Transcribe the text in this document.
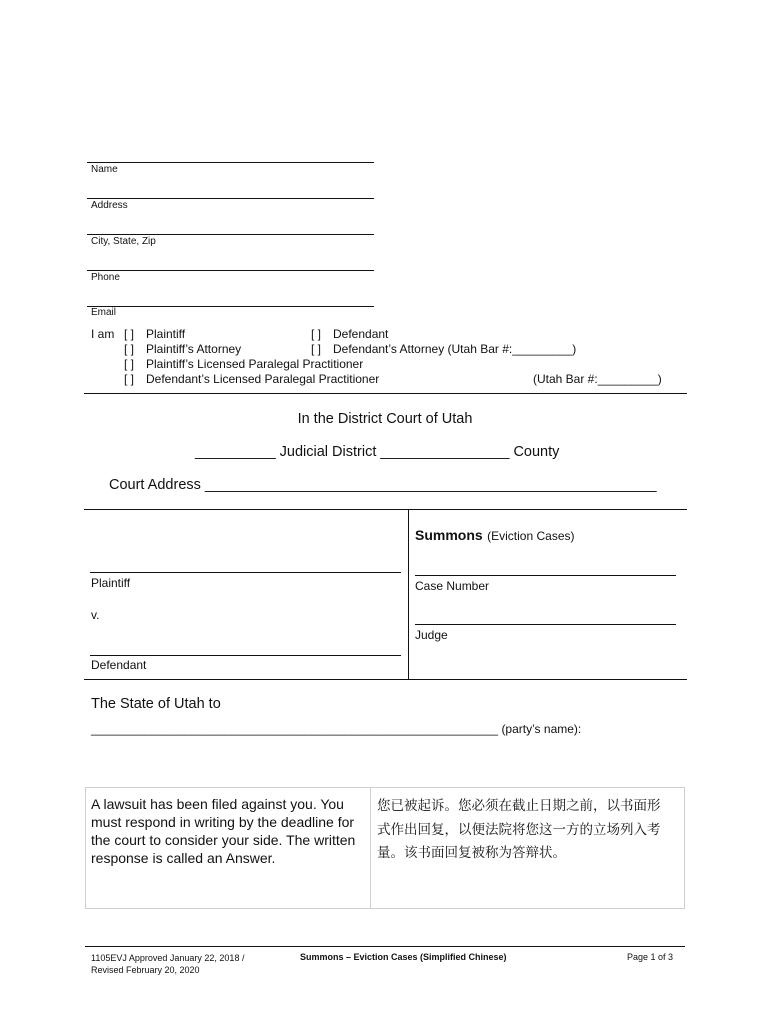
Name
Address
City, State, Zip
Phone
Email
I am [ ] Plaintiff	[ ] Defendant
[ ] Plaintiff’s Attorney	[ ] Defendant’s Attorney (Utah Bar #:_________)
[ ] Plaintiff’s Licensed Paralegal Practitioner
[ ] Defendant’s Licensed Paralegal Practitioner	(Utah Bar #:_________)
In the District Court of Utah
__________ Judicial District ________________ County
Court Address ________________________________________________________
Plaintiff
v.
Defendant
Summons (Eviction Cases)
Case Number
Judge
The State of Utah to
_____________________________________________________________ (party’s name):
A lawsuit has been filed against you. You must respond in writing by the deadline for the court to consider your side. The written response is called an Answer.
您已被起诉。您必须在截止日期之前，以书面形
式作出回复，以便法院将您这一方的立场列入考
量。该书面回复被称为答辩状。
1105EVJ Approved January 22, 2018 /
Revised February 20, 2020
Summons – Eviction Cases (Simplified Chinese)	Page 1 of 3
